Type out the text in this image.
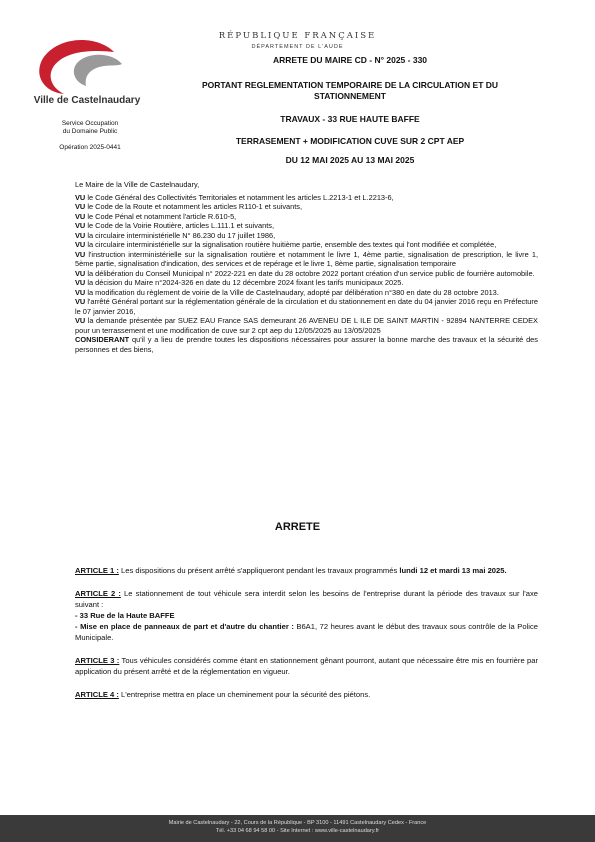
Ville de Castelnaudary
Service Occupation
du Domaine Public
Opération 2025-0441
RÉPUBLIQUE FRANÇAISE
DÉPARTEMENT DE L'AUDE
ARRETE DU MAIRE CD - N° 2025 - 330
PORTANT REGLEMENTATION TEMPORAIRE DE LA CIRCULATION ET DU STATIONNEMENT
TRAVAUX - 33 RUE HAUTE BAFFE
TERRASEMENT + MODIFICATION CUVE SUR 2 CPT AEP
DU 12 MAI 2025 AU 13 MAI 2025

Le Maire de la Ville de Castelnaudary,

VU le Code Général des Collectivités Territoriales et notamment les articles L.2213-1 et L.2213-6,

VU le Code de la Route et notamment les articles R110-1 et suivants,

VU le Code Pénal et notamment l'article R.610-5,

VU le Code de la Voirie Routière, articles L.111.1 et suivants,

VU la circulaire interministérielle N° 86.230 du 17 juillet 1986,

VU la circulaire interministérielle sur la signalisation routière huitième partie, ensemble des textes qui l'ont modifiée et complétée,

VU l'instruction interministérielle sur la signalisation routière et notamment le livre 1, 4ème partie, signalisation de prescription, le livre 1, 5ème partie, signalisation d'indication, des services et de repérage et le livre 1, 8ème partie, signalisation temporaire

VU la délibération du Conseil Municipal n° 2022-221 en date du 28 octobre 2022 portant création d'un service public de fourrière automobile.

VU la décision du Maire n°2024-326 en date du 12 décembre 2024 fixant les tarifs municipaux 2025.

VU la modification du règlement de voirie de la Ville de Castelnaudary, adopté par délibération n°380 en date du 28 octobre 2013.

VU l'arrêté Général portant sur la réglementation générale de la circulation et du stationnement en date du 04 janvier 2016 reçu en Préfecture le 07 janvier 2016,

VU la demande présentée par SUEZ EAU France SAS demeurant 26 AVENEU DE L ILE DE SAINT MARTIN - 92894 NANTERRE CEDEX pour un terrassement et une modification de cuve sur 2 cpt aep du 12/05/2025 au 13/05/2025

CONSIDERANT qu'il y a lieu de prendre toutes les dispositions nécessaires pour assurer la bonne marche des travaux et la sécurité des personnes et des biens,

ARRETE

ARTICLE 1 : Les dispositions du présent arrêté s'appliqueront pendant les travaux programmés lundi 12 et mardi 13 mai 2025.

ARTICLE 2 : Le stationnement de tout véhicule sera interdit selon les besoins de l'entreprise durant la période des travaux sur l'axe suivant :

- 33 Rue de la Haute BAFFE

- Mise en place de panneaux de part et d'autre du chantier : B6A1, 72 heures avant le début des travaux sous contrôle de la Police Municipale.

ARTICLE 3 : Tous véhicules considérés comme étant en stationnement gênant pourront, autant que nécessaire être mis en fourrière par application du présent arrêté et de la réglementation en vigueur.

ARTICLE 4 : L'entreprise mettra en place un cheminement pour la sécurité des piétons.

Mairie de Castelnaudary - 22, Cours de la République - BP 3100 - 11491 Castelnaudary Cedex - France
Tél. +33 04 68 94 58 00 - Site Internet : www.ville-castelnaudary.fr
